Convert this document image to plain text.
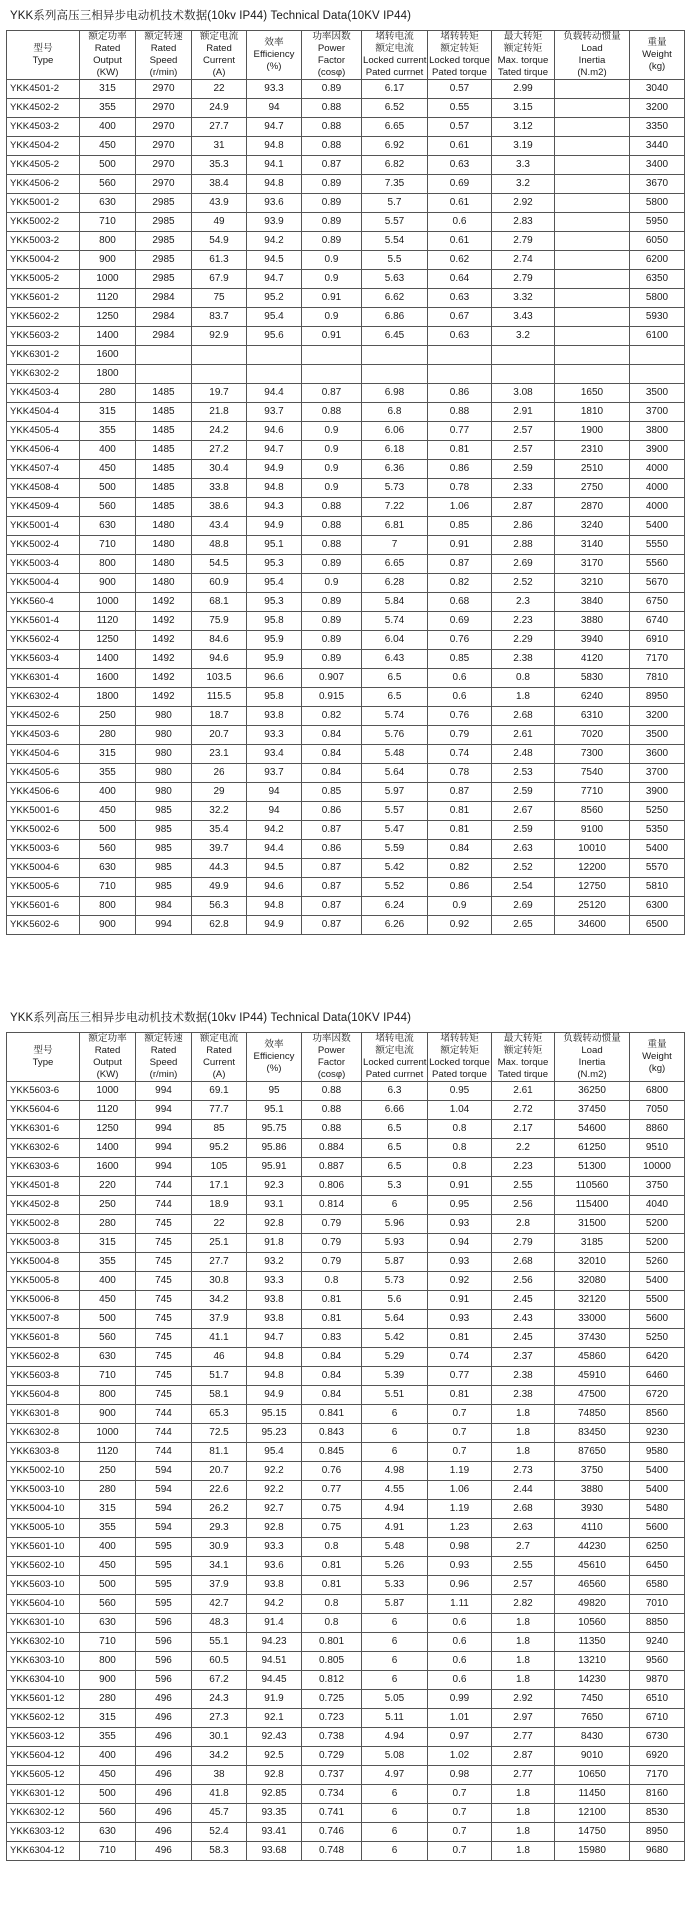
YKK系列高压三相异步电动机技术数据(10kv IP44) Technical Data(10KV IP44)
型号
Type	额定功率
Rated
Output
(KW)	额定转速
Rated
Speed
(r/min)	额定电流
Rated
Current
(A)	效率
Efficiency
(%)	功率因数
Power
Factor
(cosφ)	堵转电流
额定电流
Locked current
Pated currnet	堵转转矩
额定转矩
Locked torque
Pated torque	最大转矩
额定转矩
Max. torque
Tated tirque	负载转动惯量
Load
Inertia
(N.m2)	重量
Weight
(kg)

YKK4501-2	315	2970	22	93.3	0.89	6.17	0.57	2.99		3040
YKK4502-2	355	2970	24.9	94	0.88	6.52	0.55	3.15		3200
YKK4503-2	400	2970	27.7	94.7	0.88	6.65	0.57	3.12		3350
YKK4504-2	450	2970	31	94.8	0.88	6.92	0.61	3.19		3440
YKK4505-2	500	2970	35.3	94.1	0.87	6.82	0.63	3.3		3400
YKK4506-2	560	2970	38.4	94.8	0.89	7.35	0.69	3.2		3670
YKK5001-2	630	2985	43.9	93.6	0.89	5.7	0.61	2.92		5800
YKK5002-2	710	2985	49	93.9	0.89	5.57	0.6	2.83		5950
YKK5003-2	800	2985	54.9	94.2	0.89	5.54	0.61	2.79		6050
YKK5004-2	900	2985	61.3	94.5	0.9	5.5	0.62	2.74		6200
YKK5005-2	1000	2985	67.9	94.7	0.9	5.63	0.64	2.79		6350
YKK5601-2	1120	2984	75	95.2	0.91	6.62	0.63	3.32		5800
YKK5602-2	1250	2984	83.7	95.4	0.9	6.86	0.67	3.43		5930
YKK5603-2	1400	2984	92.9	95.6	0.91	6.45	0.63	3.2		6100
YKK6301-2	1600									
YKK6302-2	1800									
YKK4503-4	280	1485	19.7	94.4	0.87	6.98	0.86	3.08	1650	3500
YKK4504-4	315	1485	21.8	93.7	0.88	6.8	0.88	2.91	1810	3700
YKK4505-4	355	1485	24.2	94.6	0.9	6.06	0.77	2.57	1900	3800
YKK4506-4	400	1485	27.2	94.7	0.9	6.18	0.81	2.57	2310	3900
YKK4507-4	450	1485	30.4	94.9	0.9	6.36	0.86	2.59	2510	4000
YKK4508-4	500	1485	33.8	94.8	0.9	5.73	0.78	2.33	2750	4000
YKK4509-4	560	1485	38.6	94.3	0.88	7.22	1.06	2.87	2870	4000
YKK5001-4	630	1480	43.4	94.9	0.88	6.81	0.85	2.86	3240	5400
YKK5002-4	710	1480	48.8	95.1	0.88	7	0.91	2.88	3140	5550
YKK5003-4	800	1480	54.5	95.3	0.89	6.65	0.87	2.69	3170	5560
YKK5004-4	900	1480	60.9	95.4	0.9	6.28	0.82	2.52	3210	5670
YKK560-4	1000	1492	68.1	95.3	0.89	5.84	0.68	2.3	3840	6750
YKK5601-4	1120	1492	75.9	95.8	0.89	5.74	0.69	2.23	3880	6740
YKK5602-4	1250	1492	84.6	95.9	0.89	6.04	0.76	2.29	3940	6910
YKK5603-4	1400	1492	94.6	95.9	0.89	6.43	0.85	2.38	4120	7170
YKK6301-4	1600	1492	103.5	96.6	0.907	6.5	0.6	0.8	5830	7810
YKK6302-4	1800	1492	115.5	95.8	0.915	6.5	0.6	1.8	6240	8950
YKK4502-6	250	980	18.7	93.8	0.82	5.74	0.76	2.68	6310	3200
YKK4503-6	280	980	20.7	93.3	0.84	5.76	0.79	2.61	7020	3500
YKK4504-6	315	980	23.1	93.4	0.84	5.48	0.74	2.48	7300	3600
YKK4505-6	355	980	26	93.7	0.84	5.64	0.78	2.53	7540	3700
YKK4506-6	400	980	29	94	0.85	5.97	0.87	2.59	7710	3900
YKK5001-6	450	985	32.2	94	0.86	5.57	0.81	2.67	8560	5250
YKK5002-6	500	985	35.4	94.2	0.87	5.47	0.81	2.59	9100	5350
YKK5003-6	560	985	39.7	94.4	0.86	5.59	0.84	2.63	10010	5400
YKK5004-6	630	985	44.3	94.5	0.87	5.42	0.82	2.52	12200	5570
YKK5005-6	710	985	49.9	94.6	0.87	5.52	0.86	2.54	12750	5810
YKK5601-6	800	984	56.3	94.8	0.87	6.24	0.9	2.69	25120	6300
YKK5602-6	900	994	62.8	94.9	0.87	6.26	0.92	2.65	34600	6500
YKK系列高压三相异步电动机技术数据(10kv IP44) Technical Data(10KV IP44)
型号
Type	额定功率
Rated
Output
(KW)	额定转速
Rated
Speed
(r/min)	额定电流
Rated
Current
(A)	效率
Efficiency
(%)	功率因数
Power
Factor
(cosφ)	堵转电流
额定电流
Locked current
Pated currnet	堵转转矩
额定转矩
Locked torque
Pated torque	最大转矩
额定转矩
Max. torque
Tated tirque	负载转动惯量
Load
Inertia
(N.m2)	重量
Weight
(kg)

YKK5603-6	1000	994	69.1	95	0.88	6.3	0.95	2.61	36250	6800
YKK5604-6	1120	994	77.7	95.1	0.88	6.66	1.04	2.72	37450	7050
YKK6301-6	1250	994	85	95.75	0.88	6.5	0.8	2.17	54600	8860
YKK6302-6	1400	994	95.2	95.86	0.884	6.5	0.8	2.2	61250	9510
YKK6303-6	1600	994	105	95.91	0.887	6.5	0.8	2.23	51300	10000
YKK4501-8	220	744	17.1	92.3	0.806	5.3	0.91	2.55	110560	3750
YKK4502-8	250	744	18.9	93.1	0.814	6	0.95	2.56	115400	4040
YKK5002-8	280	745	22	92.8	0.79	5.96	0.93	2.8	31500	5200
YKK5003-8	315	745	25.1	91.8	0.79	5.93	0.94	2.79	3185	5200
YKK5004-8	355	745	27.7	93.2	0.79	5.87	0.93	2.68	32010	5260
YKK5005-8	400	745	30.8	93.3	0.8	5.73	0.92	2.56	32080	5400
YKK5006-8	450	745	34.2	93.8	0.81	5.6	0.91	2.45	32120	5500
YKK5007-8	500	745	37.9	93.8	0.81	5.64	0.93	2.43	33000	5600
YKK5601-8	560	745	41.1	94.7	0.83	5.42	0.81	2.45	37430	5250
YKK5602-8	630	745	46	94.8	0.84	5.29	0.74	2.37	45860	6420
YKK5603-8	710	745	51.7	94.8	0.84	5.39	0.77	2.38	45910	6460
YKK5604-8	800	745	58.1	94.9	0.84	5.51	0.81	2.38	47500	6720
YKK6301-8	900	744	65.3	95.15	0.841	6	0.7	1.8	74850	8560
YKK6302-8	1000	744	72.5	95.23	0.843	6	0.7	1.8	83450	9230
YKK6303-8	1120	744	81.1	95.4	0.845	6	0.7	1.8	87650	9580
YKK5002-10	250	594	20.7	92.2	0.76	4.98	1.19	2.73	3750	5400
YKK5003-10	280	594	22.6	92.2	0.77	4.55	1.06	2.44	3880	5400
YKK5004-10	315	594	26.2	92.7	0.75	4.94	1.19	2.68	3930	5480
YKK5005-10	355	594	29.3	92.8	0.75	4.91	1.23	2.63	4110	5600
YKK5601-10	400	595	30.9	93.3	0.8	5.48	0.98	2.7	44230	6250
YKK5602-10	450	595	34.1	93.6	0.81	5.26	0.93	2.55	45610	6450
YKK5603-10	500	595	37.9	93.8	0.81	5.33	0.96	2.57	46560	6580
YKK5604-10	560	595	42.7	94.2	0.8	5.87	1.11	2.82	49820	7010
YKK6301-10	630	596	48.3	91.4	0.8	6	0.6	1.8	10560	8850
YKK6302-10	710	596	55.1	94.23	0.801	6	0.6	1.8	11350	9240
YKK6303-10	800	596	60.5	94.51	0.805	6	0.6	1.8	13210	9560
YKK6304-10	900	596	67.2	94.45	0.812	6	0.6	1.8	14230	9870
YKK5601-12	280	496	24.3	91.9	0.725	5.05	0.99	2.92	7450	6510
YKK5602-12	315	496	27.3	92.1	0.723	5.11	1.01	2.97	7650	6710
YKK5603-12	355	496	30.1	92.43	0.738	4.94	0.97	2.77	8430	6730
YKK5604-12	400	496	34.2	92.5	0.729	5.08	1.02	2.87	9010	6920
YKK5605-12	450	496	38	92.8	0.737	4.97	0.98	2.77	10650	7170
YKK6301-12	500	496	41.8	92.85	0.734	6	0.7	1.8	11450	8160
YKK6302-12	560	496	45.7	93.35	0.741	6	0.7	1.8	12100	8530
YKK6303-12	630	496	52.4	93.41	0.746	6	0.7	1.8	14750	8950
YKK6304-12	710	496	58.3	93.68	0.748	6	0.7	1.8	15980	9680
